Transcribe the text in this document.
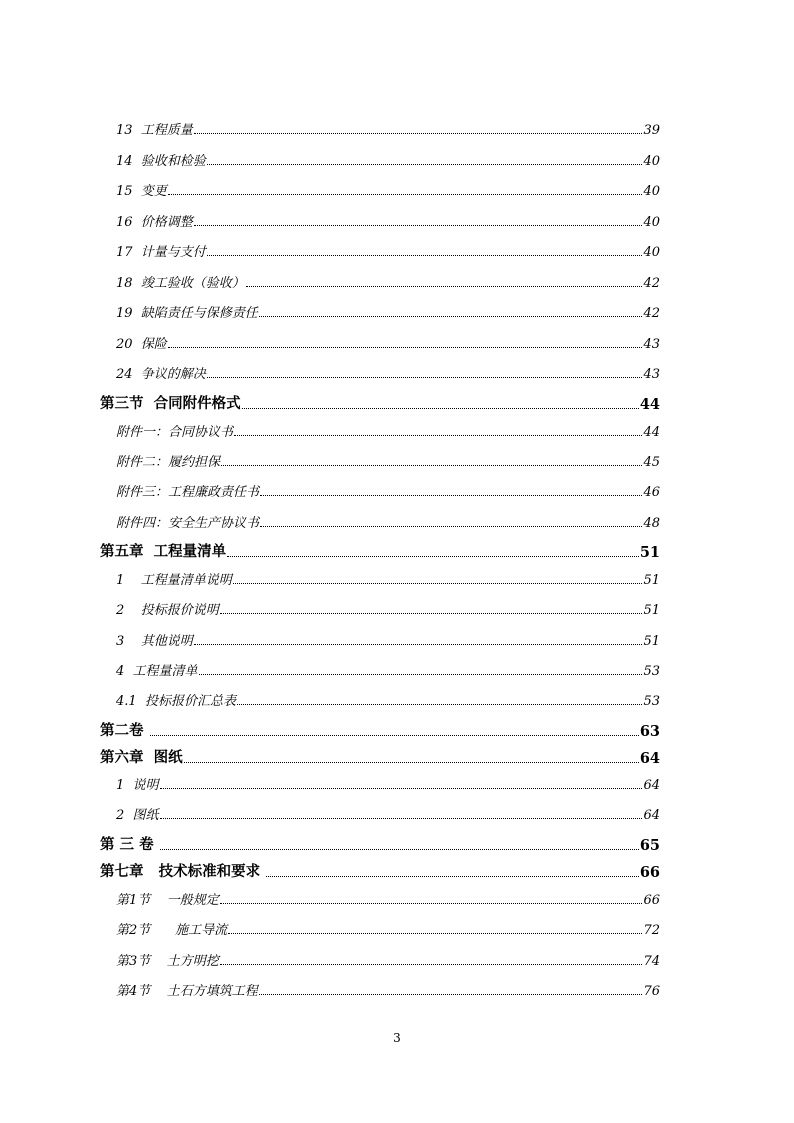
13  工程质量	39
14  验收和检验	40
15  变更	40
16  价格调整	40
17  计量与支付	40
18  竣工验收（验收）	42
19  缺陷责任与保修责任	42
20  保险	43
24  争议的解决	43
第三节  合同附件格式	44
附件一：合同协议书	44
附件二：履约担保	45
附件三：工程廉政责任书	46
附件四：安全生产协议书	48
第五章  工程量清单	51
1    工程量清单说明	51
2    投标报价说明	51
3    其他说明	51
4  工程量清单	53
4.1  投标报价汇总表	53
第二卷	63
第六章  图纸	64
1  说明	64
2  图纸	64
第 三 卷	65
第七章   技术标准和要求	66
第1节    一般规定	66
第2节      施工导流	72
第3节    土方明挖	74
第4节    土石方填筑工程	76
3
